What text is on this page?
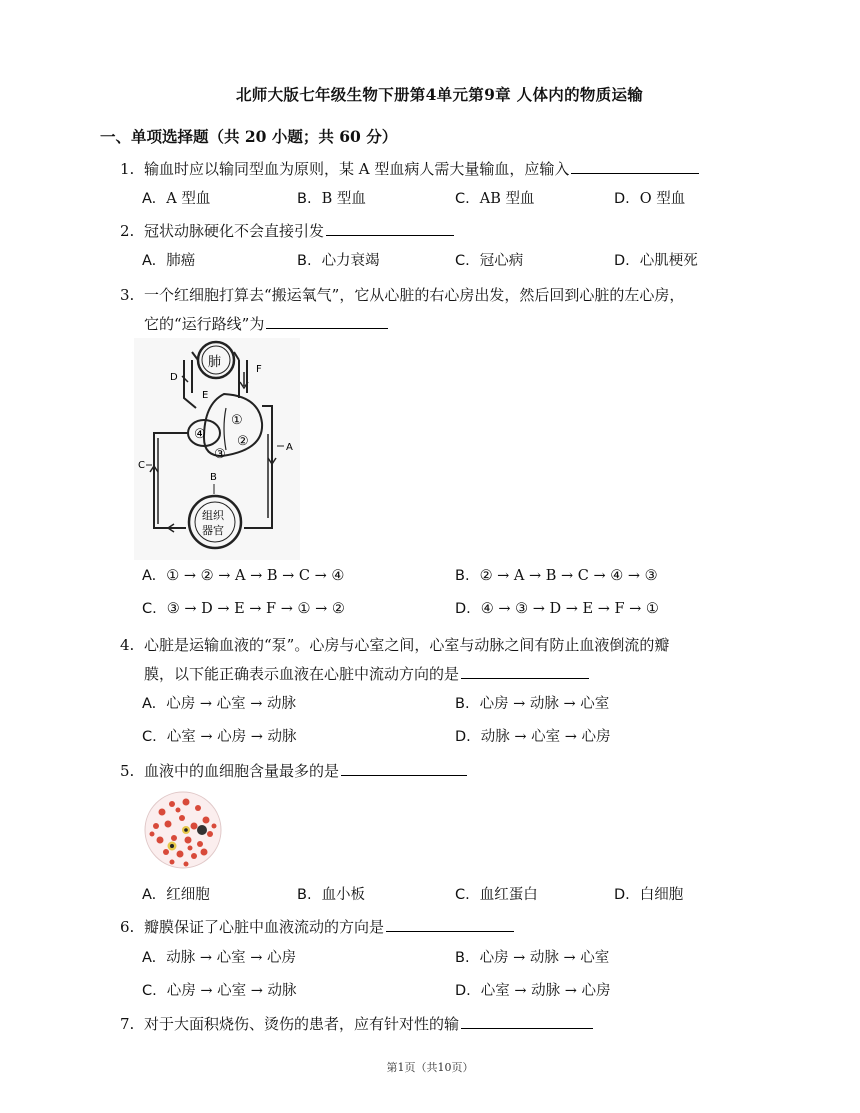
北师大版七年级生物下册第4单元第9章 人体内的物质运输
一、单项选择题（共 20 小题；共 60 分）
1. 输血时应以输同型血为原则，某 A 型血病人需大量输血，应输入
A. A 型血	B. B 型血	C. AB 型血	D. O 型血
2. 冠状动脉硬化不会直接引发
A. 肺癌	B. 心力衰竭	C. 冠心病	D. 心肌梗死
3. 一个红细胞打算去“搬运氧气”，它从心脏的右心房出发，然后回到心脏的左心房，
它的“运行路线”为
肺
D
F
E
①
②
③
④
A
C
B
组织
器官
A. ① → ② → A → B → C → ④	B. ② → A → B → C → ④ → ③
C. ③ → D → E → F → ① → ②	D. ④ → ③ → D → E → F → ①
4. 心脏是运输血液的“泵”。心房与心室之间，心室与动脉之间有防止血液倒流的瓣
膜，以下能正确表示血液在心脏中流动方向的是
A. 心房 → 心室 → 动脉	B. 心房 → 动脉 → 心室
C. 心室 → 心房 → 动脉	D. 动脉 → 心室 → 心房
5. 血液中的血细胞含量最多的是
A. 红细胞	B. 血小板	C. 血红蛋白	D. 白细胞
6. 瓣膜保证了心脏中血液流动的方向是
A. 动脉 → 心室 → 心房	B. 心房 → 动脉 → 心室
C. 心房 → 心室 → 动脉	D. 心室 → 动脉 → 心房
7. 对于大面积烧伤、烫伤的患者，应有针对性的输
第1页（共10页）
